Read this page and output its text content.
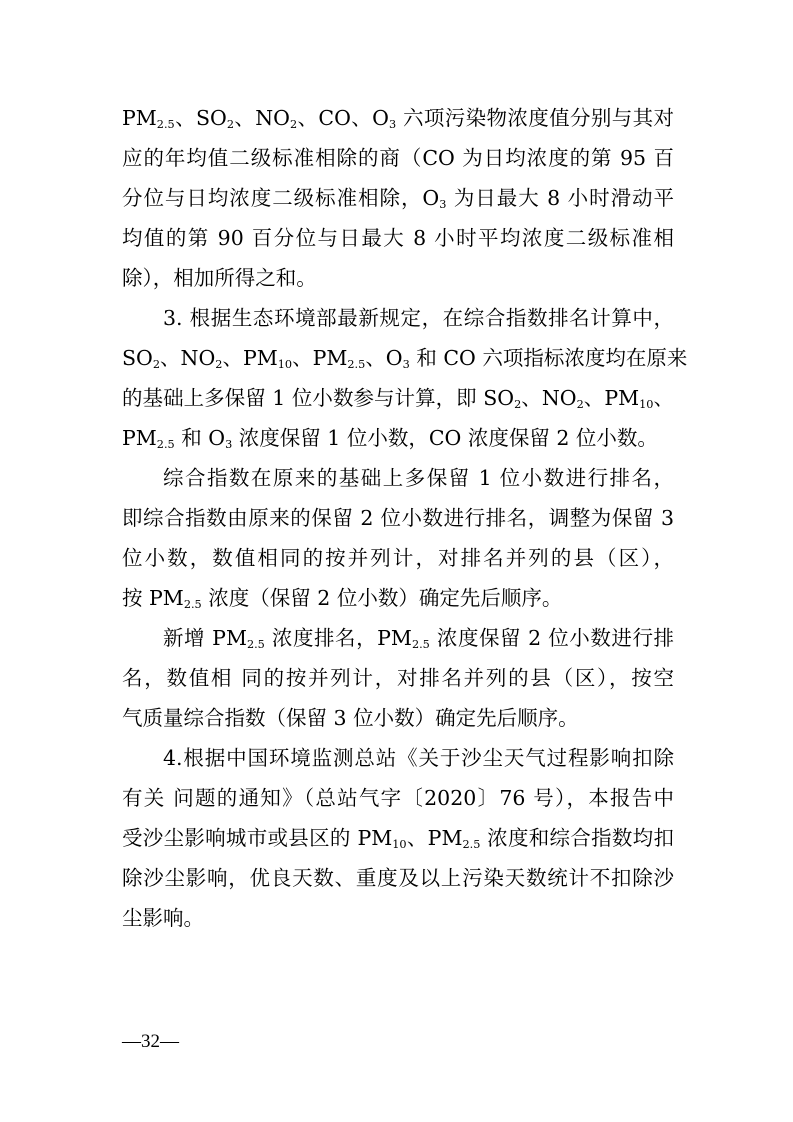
PM2.5、SO2、NO2、CO、O3 六项污染物浓度值分别与其对
应的年均值二级标准相除的商（CO 为日均浓度的第 95 百
分位与日均浓度二级标准相除，O3 为日最大 8 小时滑动平
均值的第 90 百分位与日最大 8 小时平均浓度二级标准相
除），相加所得之和。
3. 根据生态环境部最新规定，在综合指数排名计算中，
SO2、NO2、PM10、PM2.5、O3 和 CO 六项指标浓度均在原来
的基础上多保留 1 位小数参与计算，即 SO2、NO2、PM10、
PM2.5 和 O3 浓度保留 1 位小数，CO 浓度保留 2 位小数。
综合指数在原来的基础上多保留 1 位小数进行排名，
即综合指数由原来的保留 2 位小数进行排名，调整为保留 3
位小数，数值相同的按并列计，对排名并列的县（区），
按 PM2.5 浓度（保留 2 位小数）确定先后顺序。
新增 PM2.5 浓度排名，PM2.5 浓度保留 2 位小数进行排
名，数值相 同的按并列计，对排名并列的县（区），按空
气质量综合指数（保留 3 位小数）确定先后顺序。
4.根据中国环境监测总站《关于沙尘天气过程影响扣除
有关 问题的通知》（总站气字〔2020〕76 号），本报告中
受沙尘影响城市或县区的 PM10、PM2.5 浓度和综合指数均扣
除沙尘影响，优良天数、重度及以上污染天数统计不扣除沙
尘影响。
—32—
